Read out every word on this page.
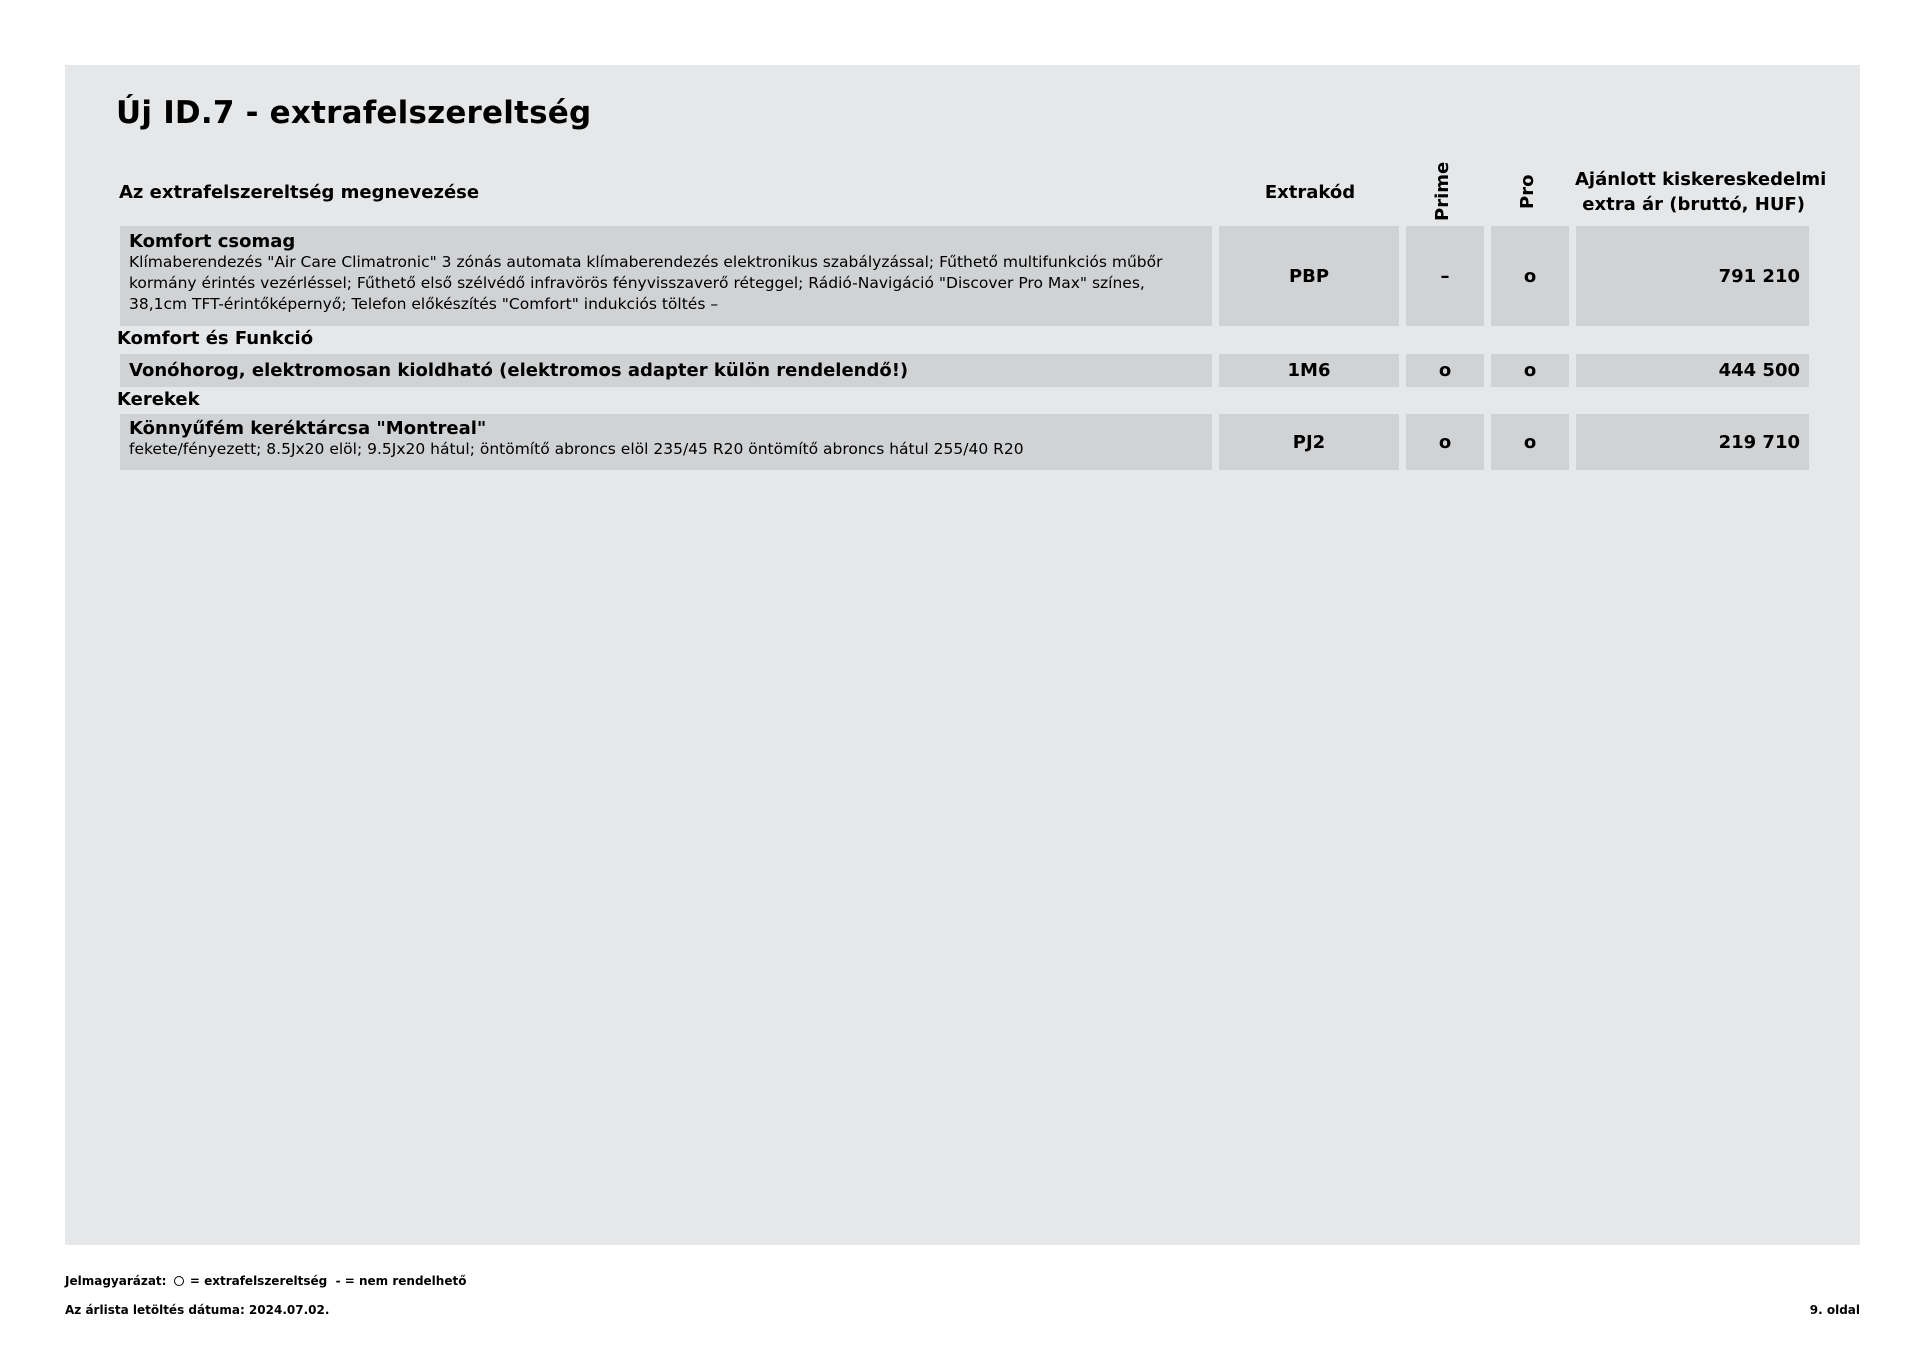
Új ID.7 - extrafelszereltség
Az extrafelszereltség megnevezése	Extrakód	Prime	Pro Ajánlott kiskereskedelmi
extra ár (bruttó, HUF)
Komfort csomag
Klímaberendezés "Air Care Climatronic" 3 zónás automata klímaberendezés elektronikus szabályzással; Fűthető multifunkciós műbőr
kormány érintés vezérléssel; Fűthető első szélvédő infravörös fényvisszaverő réteggel; Rádió-Navigáció "Discover Pro Max" színes,
38,1cm TFT-érintőképernyő; Telefon előkészítés "Comfort" indukciós töltés –
PBP	–	o	791 210
Komfort és Funkció
Vonóhorog, elektromosan kioldható (elektromos adapter külön rendelendő!)	1M6	o	o	444 500
Kerekek
Könnyűfém keréktárcsa "Montreal"
fekete/fényezett; 8.5Jx20 elöl; 9.5Jx20 hátul; öntömítő abroncs elöl 235/45 R20 öntömítő abroncs hátul 255/40 R20	PJ2	o	o	219 710
Jelmagyarázat: = extrafelszereltség - = nem rendelhető
Az árlista letöltés dátuma: 2024.07.02.	9. oldal
